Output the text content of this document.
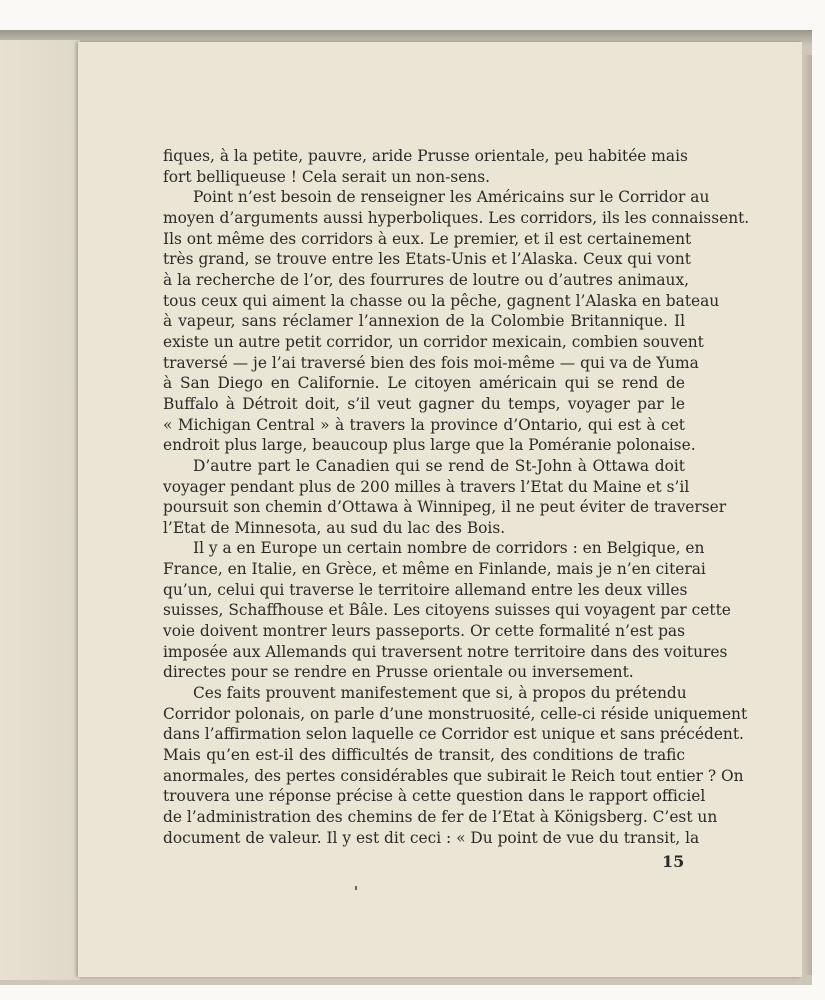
fiques, à la petite, pauvre, aride Prusse orientale, peu habitée mais
fort belliqueuse ! Cela serait un non-sens.
Point n’est besoin de renseigner les Américains sur le Corridor au
moyen d’arguments aussi hyperboliques. Les corridors, ils les connaissent.
Ils ont même des corridors à eux. Le premier, et il est certainement
très grand, se trouve entre les Etats-Unis et l’Alaska. Ceux qui vont
à la recherche de l’or, des fourrures de loutre ou d’autres animaux,
tous ceux qui aiment la chasse ou la pêche, gagnent l’Alaska en bateau
à vapeur, sans réclamer l’annexion de la Colombie Britannique. Il
existe un autre petit corridor, un corridor mexicain, combien souvent
traversé — je l’ai traversé bien des fois moi-même — qui va de Yuma
à San Diego en Californie. Le citoyen américain qui se rend de
Buffalo à Détroit doit, s’il veut gagner du temps, voyager par le
« Michigan Central » à travers la province d’Ontario, qui est à cet
endroit plus large, beaucoup plus large que la Poméranie polonaise.
D’autre part le Canadien qui se rend de St-John à Ottawa doit
voyager pendant plus de 200 milles à travers l’Etat du Maine et s’il
poursuit son chemin d’Ottawa à Winnipeg, il ne peut éviter de traverser
l’Etat de Minnesota, au sud du lac des Bois.
Il y a en Europe un certain nombre de corridors : en Belgique, en
France, en Italie, en Grèce, et même en Finlande, mais je n’en citerai
qu’un, celui qui traverse le territoire allemand entre les deux villes
suisses, Schaffhouse et Bâle. Les citoyens suisses qui voyagent par cette
voie doivent montrer leurs passeports. Or cette formalité n’est pas
imposée aux Allemands qui traversent notre territoire dans des voitures
directes pour se rendre en Prusse orientale ou inversement.
Ces faits prouvent manifestement que si, à propos du prétendu
Corridor polonais, on parle d’une monstruosité, celle-ci réside uniquement
dans l’affirmation selon laquelle ce Corridor est unique et sans précédent.
Mais qu’en est-il des difficultés de transit, des conditions de trafic
anormales, des pertes considérables que subirait le Reich tout entier ? On
trouvera une réponse précise à cette question dans le rapport officiel
de l’administration des chemins de fer de l’Etat à Königsberg. C’est un
document de valeur. Il y est dit ceci : « Du point de vue du transit, la
15
